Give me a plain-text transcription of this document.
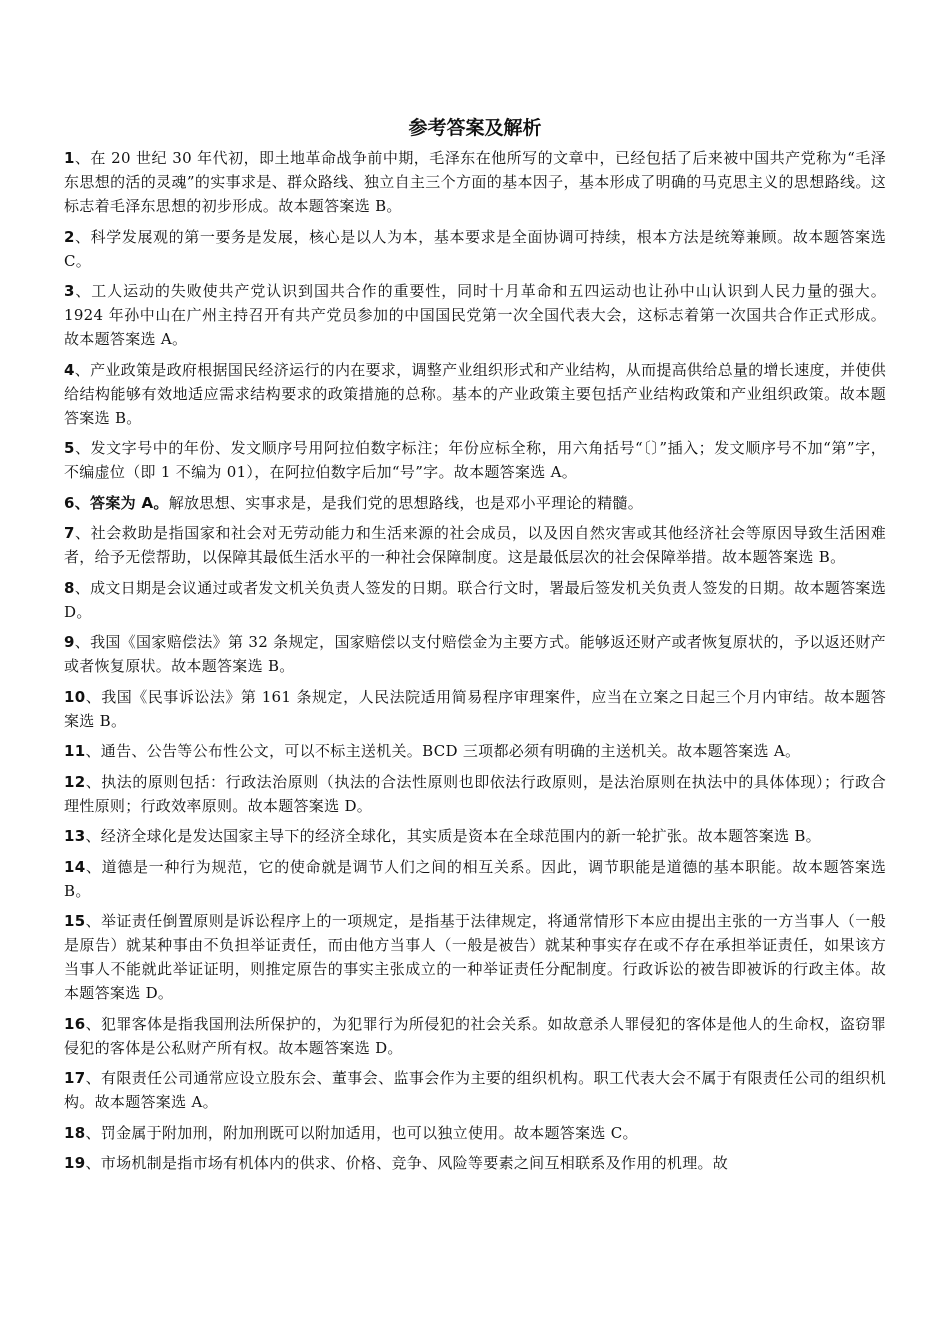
参考答案及解析
1、在 20 世纪 30 年代初，即土地革命战争前中期，毛泽东在他所写的文章中，已经包括了后来被中国共产党称为“毛泽东思想的活的灵魂”的实事求是、群众路线、独立自主三个方面的基本因子，基本形成了明确的马克思主义的思想路线。这标志着毛泽东思想的初步形成。故本题答案选 B。
2、科学发展观的第一要务是发展，核心是以人为本，基本要求是全面协调可持续，根本方法是统筹兼顾。故本题答案选 C。
3、工人运动的失败使共产党认识到国共合作的重要性，同时十月革命和五四运动也让孙中山认识到人民力量的强大。1924 年孙中山在广州主持召开有共产党员参加的中国国民党第一次全国代表大会，这标志着第一次国共合作正式形成。故本题答案选 A。
4、产业政策是政府根据国民经济运行的内在要求，调整产业组织形式和产业结构，从而提高供给总量的增长速度，并使供给结构能够有效地适应需求结构要求的政策措施的总称。基本的产业政策主要包括产业结构政策和产业组织政策。故本题答案选 B。
5、发文字号中的年份、发文顺序号用阿拉伯数字标注；年份应标全称，用六角括号“〔〕”插入；发文顺序号不加“第”字，不编虚位（即 1 不编为 01），在阿拉伯数字后加“号”字。故本题答案选 A。
6、答案为 A。解放思想、实事求是，是我们党的思想路线，也是邓小平理论的精髓。
7、社会救助是指国家和社会对无劳动能力和生活来源的社会成员，以及因自然灾害或其他经济社会等原因导致生活困难者，给予无偿帮助，以保障其最低生活水平的一种社会保障制度。这是最低层次的社会保障举措。故本题答案选 B。
8、成文日期是会议通过或者发文机关负责人签发的日期。联合行文时，署最后签发机关负责人签发的日期。故本题答案选 D。
9、我国《国家赔偿法》第 32 条规定，国家赔偿以支付赔偿金为主要方式。能够返还财产或者恢复原状的，予以返还财产或者恢复原状。故本题答案选 B。
10、我国《民事诉讼法》第 161 条规定，人民法院适用简易程序审理案件，应当在立案之日起三个月内审结。故本题答案选 B。
11、通告、公告等公布性公文，可以不标主送机关。BCD 三项都必须有明确的主送机关。故本题答案选 A。
12、执法的原则包括：行政法治原则（执法的合法性原则也即依法行政原则，是法治原则在执法中的具体体现）；行政合理性原则；行政效率原则。故本题答案选 D。
13、经济全球化是发达国家主导下的经济全球化，其实质是资本在全球范围内的新一轮扩张。故本题答案选 B。
14、道德是一种行为规范，它的使命就是调节人们之间的相互关系。因此，调节职能是道德的基本职能。故本题答案选 B。
15、举证责任倒置原则是诉讼程序上的一项规定，是指基于法律规定，将通常情形下本应由提出主张的一方当事人（一般是原告）就某种事由不负担举证责任，而由他方当事人（一般是被告）就某种事实存在或不存在承担举证责任，如果该方当事人不能就此举证证明，则推定原告的事实主张成立的一种举证责任分配制度。行政诉讼的被告即被诉的行政主体。故本题答案选 D。
16、犯罪客体是指我国刑法所保护的，为犯罪行为所侵犯的社会关系。如故意杀人罪侵犯的客体是他人的生命权，盗窃罪侵犯的客体是公私财产所有权。故本题答案选 D。
17、有限责任公司通常应设立股东会、董事会、监事会作为主要的组织机构。职工代表大会不属于有限责任公司的组织机构。故本题答案选 A。
18、罚金属于附加刑，附加刑既可以附加适用，也可以独立使用。故本题答案选 C。
19、市场机制是指市场有机体内的供求、价格、竞争、风险等要素之间互相联系及作用的机理。故
